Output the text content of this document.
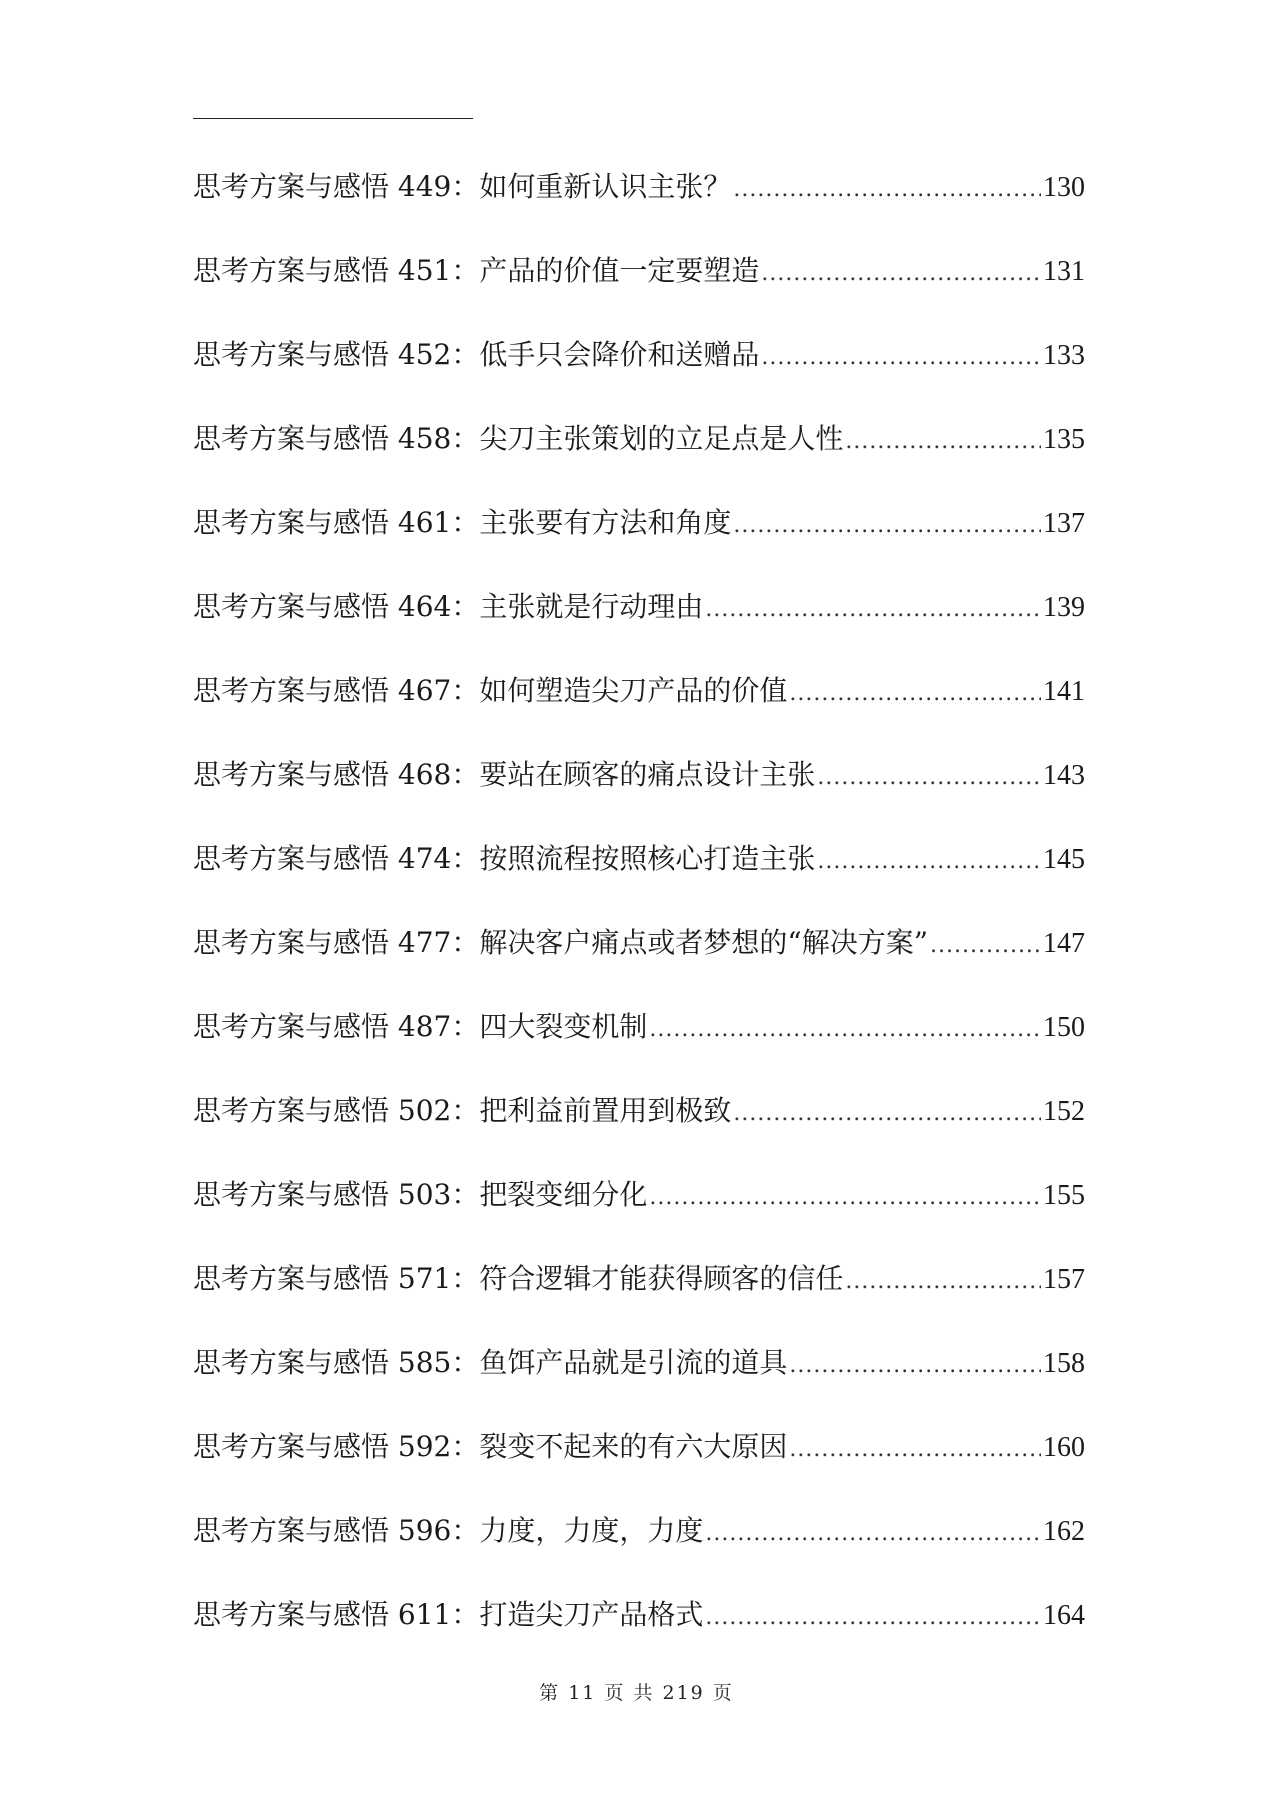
思考方案与感悟 449 ： 如何重新认识主张？ .....	130
思考方案与感悟 451 ： 产品的价值一定要塑造 .....	131
思考方案与感悟 452 ： 低手只会降价和送赠品 .....	133
思考方案与感悟 458 ： 尖刀主张策划的立足点是人性 .....	135
思考方案与感悟 461 ： 主张要有方法和角度 .....	137
思考方案与感悟 464 ： 主张就是行动理由 .....	139
思考方案与感悟 467 ： 如何塑造尖刀产品的价值 .....	141
思考方案与感悟 468 ： 要站在顾客的痛点设计主张 .....	143
思考方案与感悟 474 ： 按照流程按照核心打造主张 .....	145
思考方案与感悟 477 ： 解决客户痛点或者梦想的“解决方案” .....	147
思考方案与感悟 487 ： 四大裂变机制 .....	150
思考方案与感悟 502 ： 把利益前置用到极致 .....	152
思考方案与感悟 503 ： 把裂变细分化 .....	155
思考方案与感悟 571 ： 符合逻辑才能获得顾客的信任 .....	157
思考方案与感悟 585 ： 鱼饵产品就是引流的道具 .....	158
思考方案与感悟 592 ： 裂变不起来的有六大原因 .....	160
思考方案与感悟 596 ： 力度，力度，力度 .....	162
思考方案与感悟 611 ： 打造尖刀产品格式 .....	164
第 11 页 共 219 页
